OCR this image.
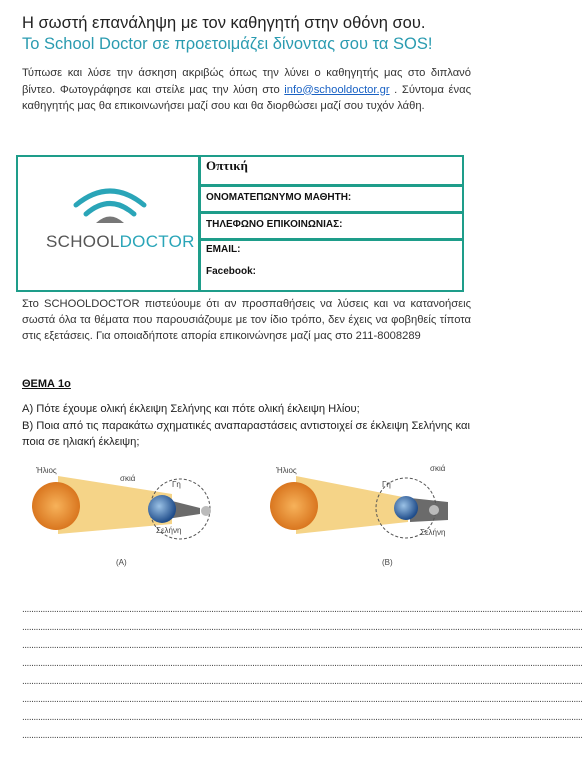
Η σωστή επανάληψη με τον καθηγητή στην οθόνη σου.
Το School Doctor σε προετοιμάζει δίνοντας σου τα SOS!
Τύπωσε και λύσε την άσκηση ακριβώς όπως την λύνει ο καθηγητής μας στο διπλανό βίντεο. Φωτογράφησε και στείλε μας την λύση στο info@schooldoctor.gr . Σύντομα ένας καθηγητής μας θα επικοινωνήσει μαζί σου και θα διορθώσει μαζί σου τυχόν λάθη.
SCHOOLDOCTOR
Οπτική
ΟΝΟΜΑΤΕΠΩΝΥΜΟ ΜΑΘΗΤΗ:
ΤΗΛΕΦΩΝΟ ΕΠΙΚΟΙΝΩΝΙΑΣ:
EMAIL:
Facebook:
Στο SCHOOLDOCTOR πιστεύουμε ότι αν προσπαθήσεις να λύσεις και να κατανοήσεις σωστά όλα τα θέματα που παρουσιάζουμε με τον ίδιο τρόπο, δεν έχεις να φοβηθείς τίποτα στις εξετάσεις. Για οποιαδήποτε απορία επικοινώνησε μαζί μας στο 211-8008289
ΘΕΜΑ 1ο
Α) Πότε έχουμε ολική έκλειψη Σελήνης και πότε ολική έκλειψη Ηλίου;
Β) Ποια από τις παρακάτω σχηματικές αναπαραστάσεις αντιστοιχεί σε έκλειψη Σελήνης και ποια σε ηλιακή έκλειψη;
Ήλιος
σκιά
Γη
Σελήνη
(A)
Ήλιος	σκιά
Γη
Σελήνη
(B)
......................................................................................................................................................................................................................................................
......................................................................................................................................................................................................................................................
......................................................................................................................................................................................................................................................
......................................................................................................................................................................................................................................................
......................................................................................................................................................................................................................................................
......................................................................................................................................................................................................................................................
......................................................................................................................................................................................................................................................
......................................................................................................................................................................................................................................................
